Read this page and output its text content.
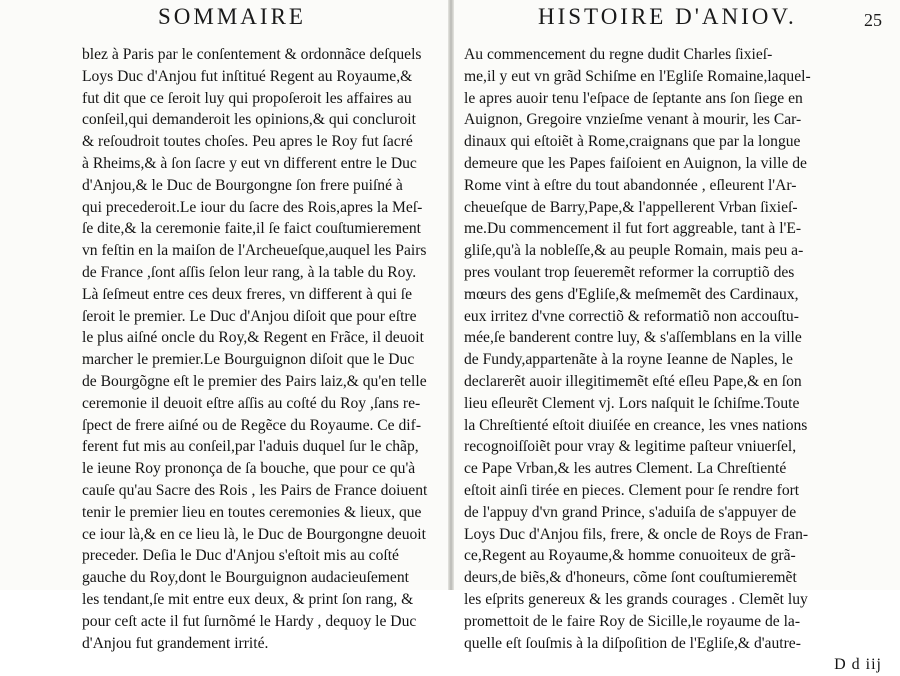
SOMMAIRE
blez à Paris par le conſentement & ordonnãce deſquels
Loys Duc d'Anjou fut inſtitué Regent au Royaume,&
fut dit que ce ſeroit luy qui propoſeroit les affaires au
conſeil,qui demanderoit les opinions,& qui concluroit
& reſoudroit toutes choſes. Peu apres le Roy fut ſacré
à Rheims,& à ſon ſacre y eut vn different entre le Duc
d'Anjou,& le Duc de Bourgongne ſon frere puiſné à
qui precederoit.Le iour du ſacre des Rois,apres la Meſ-
ſe dite,& la ceremonie faite,il ſe faict couſtumierement
vn feſtin en la maiſon de l'Archeueſque,auquel les Pairs
de France ,ſont aſſis ſelon leur rang, à la table du Roy.
Là ſeſmeut entre ces deux freres, vn different à qui ſe
ſeroit le premier. Le Duc d'Anjou diſoit que pour eſtre
le plus aiſné oncle du Roy,& Regent en Frãce, il deuoit
marcher le premier.Le Bourguignon diſoit que le Duc
de Bourgõgne eſt le premier des Pairs laiz,& qu'en telle
ceremonie il deuoit eſtre aſſis au coſté du Roy ,ſans re-
ſpect de frere aiſné ou de Regẽce du Royaume. Ce dif-
ferent fut mis au conſeil,par l'aduis duquel ſur le chãp,
le ieune Roy prononça de ſa bouche, que pour ce qu'à
cauſe qu'au Sacre des Rois , les Pairs de France doiuent
tenir le premier lieu en toutes ceremonies & lieux, que
ce iour là,& en ce lieu là, le Duc de Bourgongne deuoit
preceder. Deſia le Duc d'Anjou s'eſtoit mis au coſté
gauche du Roy,dont le Bourguignon audacieuſement
les tendant,ſe mit entre eux deux, & print ſon rang, &
pour ceſt acte il fut ſurnõmé le Hardy , dequoy le Duc
d'Anjou fut grandement irrité.
HISTOIRE D'ANIOV.	25
Au commencement du regne dudit Charles ſixieſ-
me,il y eut vn grãd Schiſme en l'Egliſe Romaine,laquel-
le apres auoir tenu l'eſpace de ſeptante ans ſon ſiege en
Auignon, Gregoire vnzieſme venant à mourir, les Car-
dinaux qui eſtoiẽt à Rome,craignans que par la longue
demeure que les Papes faiſoient en Auignon, la ville de
Rome vint à eſtre du tout abandonnée , eſleurent l'Ar-
cheueſque de Barry,Pape,& l'appellerent Vrban ſixieſ-
me.Du commencement il fut fort aggreable, tant à l'E-
gliſe,qu'à la nobleſſe,& au peuple Romain, mais peu a-
pres voulant trop ſeueremẽt reformer la corruptiõ des
mœurs des gens d'Egliſe,& meſmemẽt des Cardinaux,
eux irritez d'vne correctiõ & reformatiõ non accouſtu-
mée,ſe banderent contre luy, & s'aſſemblans en la ville
de Fundy,appartenãte à la royne Ieanne de Naples, le
declarerẽt auoir illegitimemẽt eſté eſleu Pape,& en ſon
lieu eſleurẽt Clement vj. Lors naſquit le ſchiſme.Toute
la Chreſtienté eſtoit diuiſée en creance, les vnes nations
recognoiſſoiẽt pour vray & legitime paſteur vniuerſel,
ce Pape Vrban,& les autres Clement. La Chreſtienté
eſtoit ainſi tirée en pieces. Clement pour ſe rendre fort
de l'appuy d'vn grand Prince, s'aduiſa de s'appuyer de
Loys Duc d'Anjou fils, frere, & oncle de Roys de Fran-
ce,Regent au Royaume,& homme conuoiteux de grã-
deurs,de biẽs,& d'honeurs, cõme ſont couſtumieremẽt
les eſprits genereux & les grands courages . Clemẽt luy
promettoit de le faire Roy de Sicille,le royaume de la-
quelle eſt ſouſmis à la diſpoſition de l'Egliſe,& d'autre-
D d iij
